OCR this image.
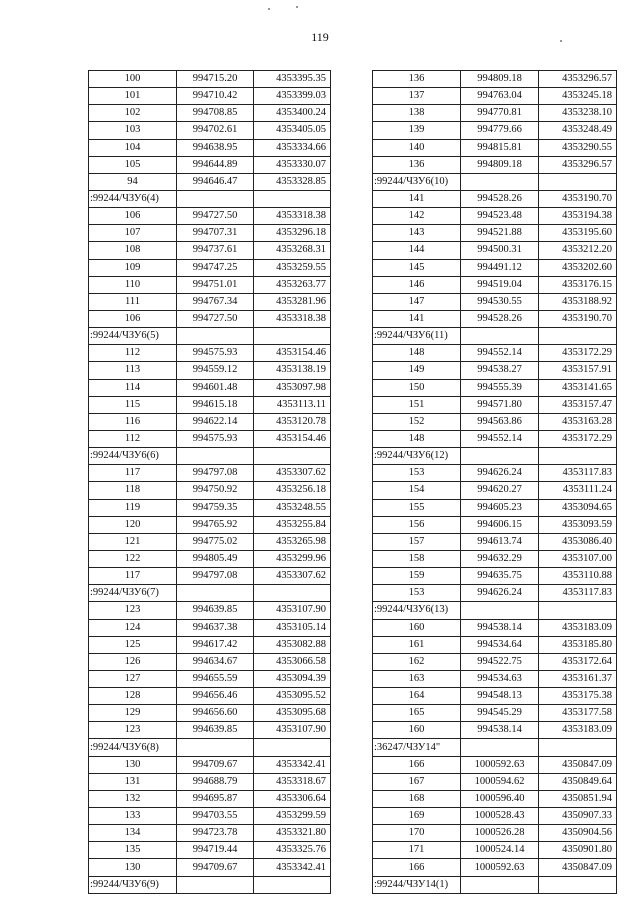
119
100	994715.20	4353395.35
101	994710.42	4353399.03
102	994708.85	4353400.24
103	994702.61	4353405.05
104	994638.95	4353334.66
105	994644.89	4353330.07
94	994646.47	4353328.85
:99244/ЧЗУ6(4)		
106	994727.50	4353318.38
107	994707.31	4353296.18
108	994737.61	4353268.31
109	994747.25	4353259.55
110	994751.01	4353263.77
111	994767.34	4353281.96
106	994727.50	4353318.38
:99244/ЧЗУ6(5)		
112	994575.93	4353154.46
113	994559.12	4353138.19
114	994601.48	4353097.98
115	994615.18	4353113.11
116	994622.14	4353120.78
112	994575.93	4353154.46
:99244/ЧЗУ6(6)		
117	994797.08	4353307.62
118	994750.92	4353256.18
119	994759.35	4353248.55
120	994765.92	4353255.84
121	994775.02	4353265.98
122	994805.49	4353299.96
117	994797.08	4353307.62
:99244/ЧЗУ6(7)		
123	994639.85	4353107.90
124	994637.38	4353105.14
125	994617.42	4353082.88
126	994634.67	4353066.58
127	994655.59	4353094.39
128	994656.46	4353095.52
129	994656.60	4353095.68
123	994639.85	4353107.90
:99244/ЧЗУ6(8)		
130	994709.67	4353342.41
131	994688.79	4353318.67
132	994695.87	4353306.64
133	994703.55	4353299.59
134	994723.78	4353321.80
135	994719.44	4353325.76
130	994709.67	4353342.41
:99244/ЧЗУ6(9)		
136	994809.18	4353296.57
137	994763.04	4353245.18
138	994770.81	4353238.10
139	994779.66	4353248.49
140	994815.81	4353290.55
136	994809.18	4353296.57
:99244/ЧЗУ6(10)		
141	994528.26	4353190.70
142	994523.48	4353194.38
143	994521.88	4353195.60
144	994500.31	4353212.20
145	994491.12	4353202.60
146	994519.04	4353176.15
147	994530.55	4353188.92
141	994528.26	4353190.70
:99244/ЧЗУ6(11)		
148	994552.14	4353172.29
149	994538.27	4353157.91
150	994555.39	4353141.65
151	994571.80	4353157.47
152	994563.86	4353163.28
148	994552.14	4353172.29
:99244/ЧЗУ6(12)		
153	994626.24	4353117.83
154	994620.27	4353111.24
155	994605.23	4353094.65
156	994606.15	4353093.59
157	994613.74	4353086.40
158	994632.29	4353107.00
159	994635.75	4353110.88
153	994626.24	4353117.83
:99244/ЧЗУ6(13)		
160	994538.14	4353183.09
161	994534.64	4353185.80
162	994522.75	4353172.64
163	994534.63	4353161.37
164	994548.13	4353175.38
165	994545.29	4353177.58
160	994538.14	4353183.09
:36247/ЧЗУ14"		
166	1000592.63	4350847.09
167	1000594.62	4350849.64
168	1000596.40	4350851.94
169	1000528.43	4350907.33
170	1000526.28	4350904.56
171	1000524.14	4350901.80
166	1000592.63	4350847.09
:99244/ЧЗУ14(1)		
